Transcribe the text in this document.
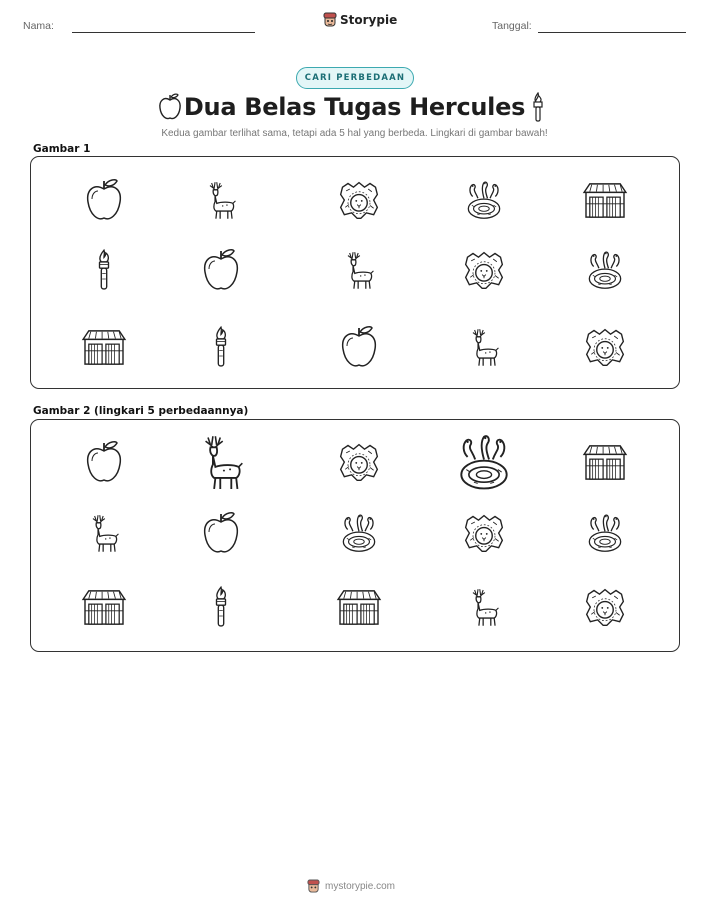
Nama:	Storypie	Tanggal:
CARI PERBEDAAN
Dua Belas Tugas Hercules
Kedua gambar terlihat sama, tetapi ada 5 hal yang berbeda. Lingkari di gambar bawah!
Gambar 1
Gambar 2 (lingkari 5 perbedaannya)
mystorypie.com
